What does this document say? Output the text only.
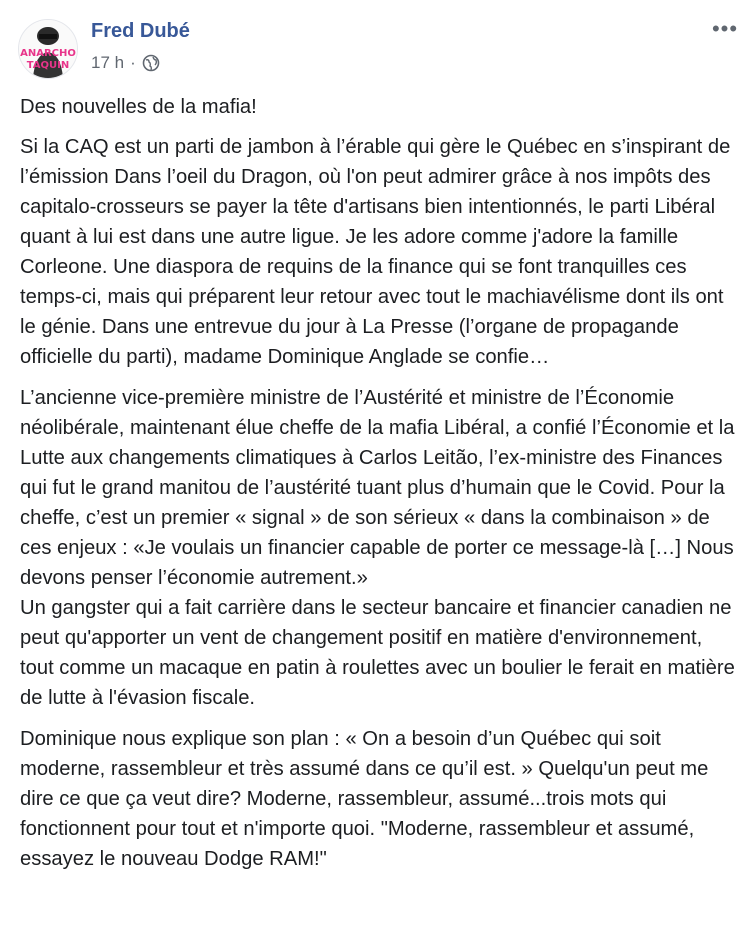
ANARCHO
TAQUIN
Fred Dubé
17 h ·
•••

Des nouvelles de la mafia!

Si la CAQ est un parti de jambon à l’érable qui gère le Québec en s’inspirant de l’émission Dans l’oeil du Dragon, où l'on peut admirer grâce à nos impôts des capitalo-crosseurs se payer la tête d'artisans bien intentionnés, le parti Libéral quant à lui est dans une autre ligue. Je les adore comme j'adore la famille Corleone. Une diaspora de requins de la finance qui se font tranquilles ces temps-ci, mais qui préparent leur retour avec tout le machiavélisme dont ils ont le génie. Dans une entrevue du jour à La Presse (l’organe de propagande officielle du parti), madame Dominique Anglade se confie…

L’ancienne vice-première ministre de l’Austérité et ministre de l’Économie néolibérale, maintenant élue cheffe de la mafia Libéral, a confié l’Économie et la Lutte aux changements climatiques à Carlos Leitão, l’ex-ministre des Finances qui fut le grand manitou de l’austérité tuant plus d’humain que le Covid. Pour la cheffe, c’est un premier « signal » de son sérieux « dans la combinaison » de ces enjeux : «Je voulais un financier capable de porter ce message-là […] Nous devons penser l’économie autrement.»

Un gangster qui a fait carrière dans le secteur bancaire et financier canadien ne peut qu'apporter un vent de changement positif en matière d'environnement, tout comme un macaque en patin à roulettes avec un boulier le ferait en matière de lutte à l'évasion fiscale.

Dominique nous explique son plan : « On a besoin d’un Québec qui soit moderne, rassembleur et très assumé dans ce qu’il est. » Quelqu'un peut me dire ce que ça veut dire? Moderne, rassembleur, assumé...trois mots qui fonctionnent pour tout et n'importe quoi. "Moderne, rassembleur et assumé, essayez le nouveau Dodge RAM!"
